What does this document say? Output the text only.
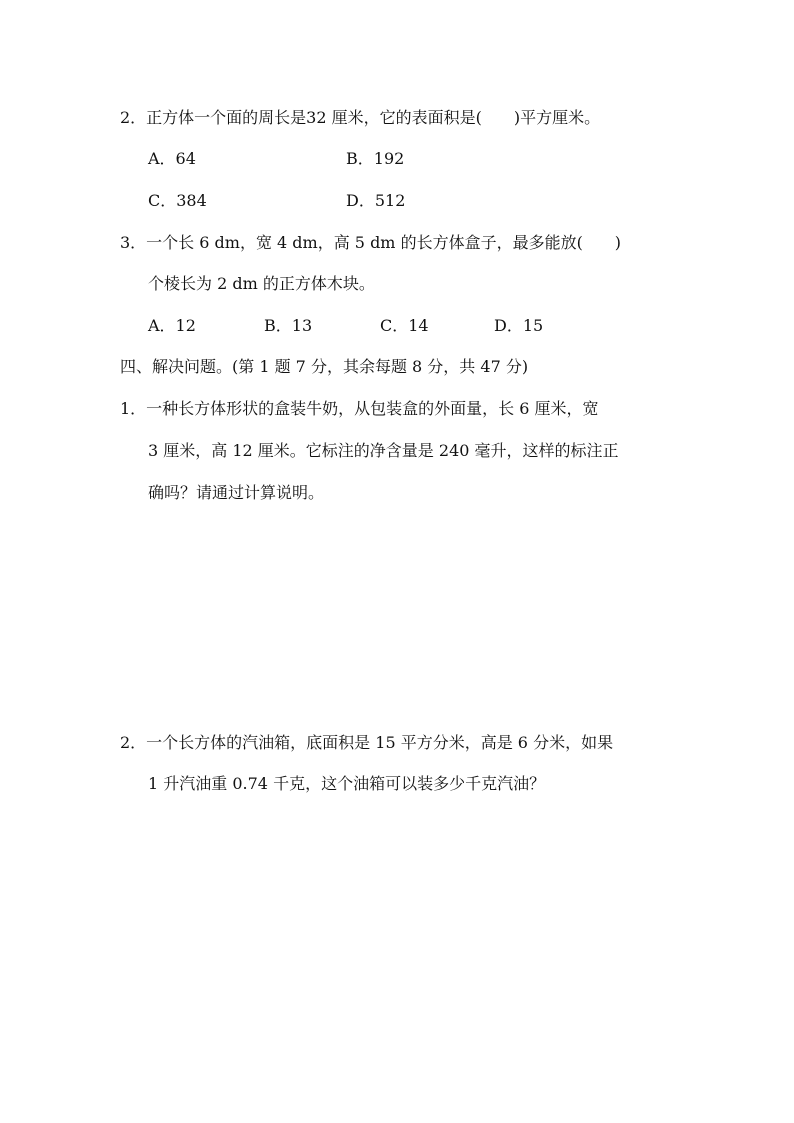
2．正方体一个面的周长是32 厘米，它的表面积是(　　)平方厘米。
A．64	B．192
C．384	D．512
3．一个长 6 dm，宽 4 dm，高 5 dm 的长方体盒子，最多能放(　　)
个棱长为 2 dm 的正方体木块。
A．12	B．13	C．14	D．15
四、解决问题。(第 1 题 7 分，其余每题 8 分，共 47 分)
1．一种长方体形状的盒装牛奶，从包装盒的外面量，长 6 厘米，宽
3 厘米，高 12 厘米。它标注的净含量是 240 毫升，这样的标注正
确吗？请通过计算说明。
2．一个长方体的汽油箱，底面积是 15 平方分米，高是 6 分米，如果
1 升汽油重 0.74 千克，这个油箱可以装多少千克汽油？
